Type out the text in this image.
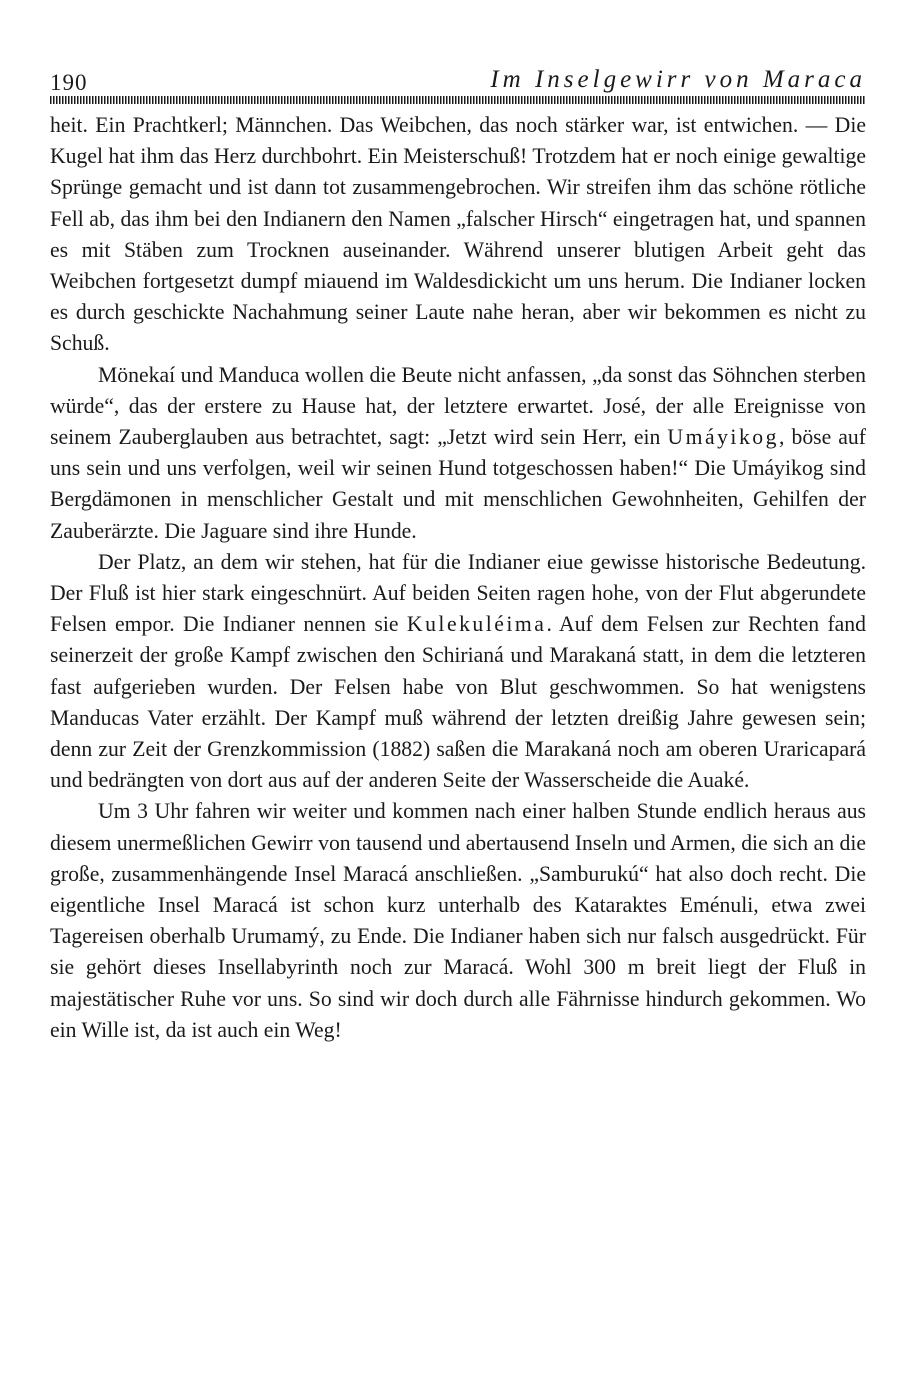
190	Im Inselgewirr von Maraca

heit. Ein Prachtkerl; Männchen. Das Weibchen, das noch stärker war, ist entwichen. — Die Kugel hat ihm das Herz durchbohrt. Ein Meisterschuß! Trotzdem hat er noch einige gewaltige Sprünge gemacht und ist dann tot zusammengebrochen. Wir streifen ihm das schöne rötliche Fell ab, das ihm bei den Indianern den Namen „falscher Hirsch“ eingetragen hat, und spannen es mit Stäben zum Trocknen auseinander. Während unserer blutigen Arbeit geht das Weibchen fortgesetzt dumpf miauend im Waldesdickicht um uns herum. Die Indianer locken es durch geschickte Nachahmung seiner Laute nahe heran, aber wir bekommen es nicht zu Schuß.

Mönekaí und Manduca wollen die Beute nicht anfassen, „da sonst das Söhnchen sterben würde“, das der erstere zu Hause hat, der letztere erwartet. José, der alle Ereignisse von seinem Zauberglauben aus betrachtet, sagt: „Jetzt wird sein Herr, ein Umáyikog, böse auf uns sein und uns verfolgen, weil wir seinen Hund totgeschossen haben!“ Die Umáyikog sind Bergdämonen in menschlicher Gestalt und mit menschlichen Gewohnheiten, Gehilfen der Zauberärzte. Die Jaguare sind ihre Hunde.

Der Platz, an dem wir stehen, hat für die Indianer eiue gewisse historische Bedeutung. Der Fluß ist hier stark eingeschnürt. Auf beiden Seiten ragen hohe, von der Flut abgerundete Felsen empor. Die Indianer nennen sie Kulekuléima. Auf dem Felsen zur Rechten fand seinerzeit der große Kampf zwischen den Schirianá und Marakaná statt, in dem die letzteren fast aufgerieben wurden. Der Felsen habe von Blut geschwommen. So hat wenigstens Manducas Vater erzählt. Der Kampf muß während der letzten dreißig Jahre gewesen sein; denn zur Zeit der Grenzkommission (1882) saßen die Marakaná noch am oberen Uraricapará und bedrängten von dort aus auf der anderen Seite der Wasserscheide die Auaké.

Um 3 Uhr fahren wir weiter und kommen nach einer halben Stunde endlich heraus aus diesem unermeßlichen Gewirr von tausend und abertausend Inseln und Armen, die sich an die große, zusammenhängende Insel Maracá anschließen. „Samburukú“ hat also doch recht. Die eigentliche Insel Maracá ist schon kurz unterhalb des Kataraktes Eménuli, etwa zwei Tagereisen oberhalb Urumamý, zu Ende. Die Indianer haben sich nur falsch ausgedrückt. Für sie gehört dieses Insellabyrinth noch zur Maracá. Wohl 300 m breit liegt der Fluß in majestätischer Ruhe vor uns. So sind wir doch durch alle Fährnisse hindurch gekommen. Wo ein Wille ist, da ist auch ein Weg!
